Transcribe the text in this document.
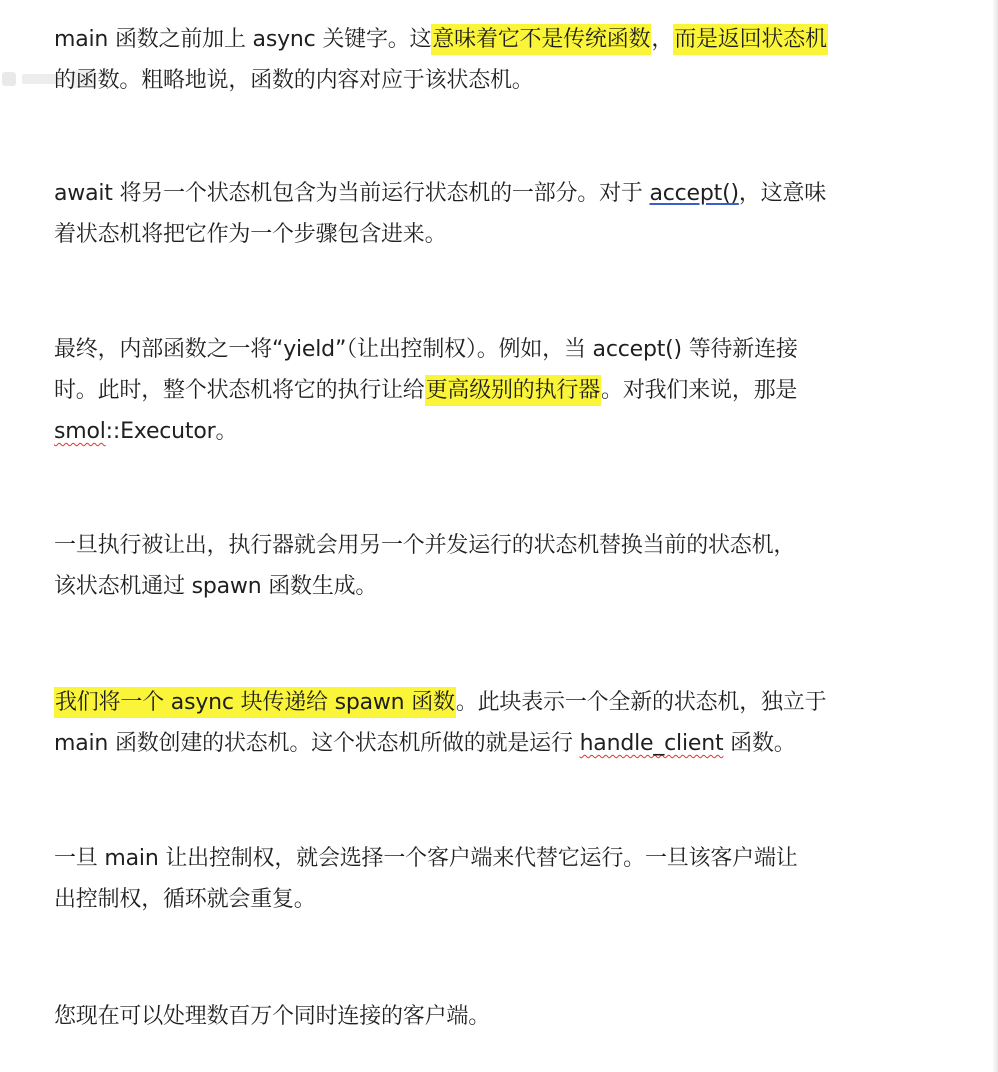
main 函数之前加上 async 关键字。这意味着它不是传统函数，而是返回状态机
的函数。粗略地说，函数的内容对应于该状态机。

await 将另一个状态机包含为当前运行状态机的一部分。对于 accept()，这意味
着状态机将把它作为一个步骤包含进来。

最终，内部函数之一将“yield”（让出控制权）。例如，当 accept() 等待新连接
时。此时，整个状态机将它的执行让给更高级别的执行器。对我们来说，那是
smol::Executor。

一旦执行被让出，执行器就会用另一个并发运行的状态机替换当前的状态机，
该状态机通过 spawn 函数生成。

我们将一个 async 块传递给 spawn 函数。此块表示一个全新的状态机，独立于
main 函数创建的状态机。这个状态机所做的就是运行 handle_client 函数。

一旦 main 让出控制权，就会选择一个客户端来代替它运行。一旦该客户端让
出控制权，循环就会重复。

您现在可以处理数百万个同时连接的客户端。
